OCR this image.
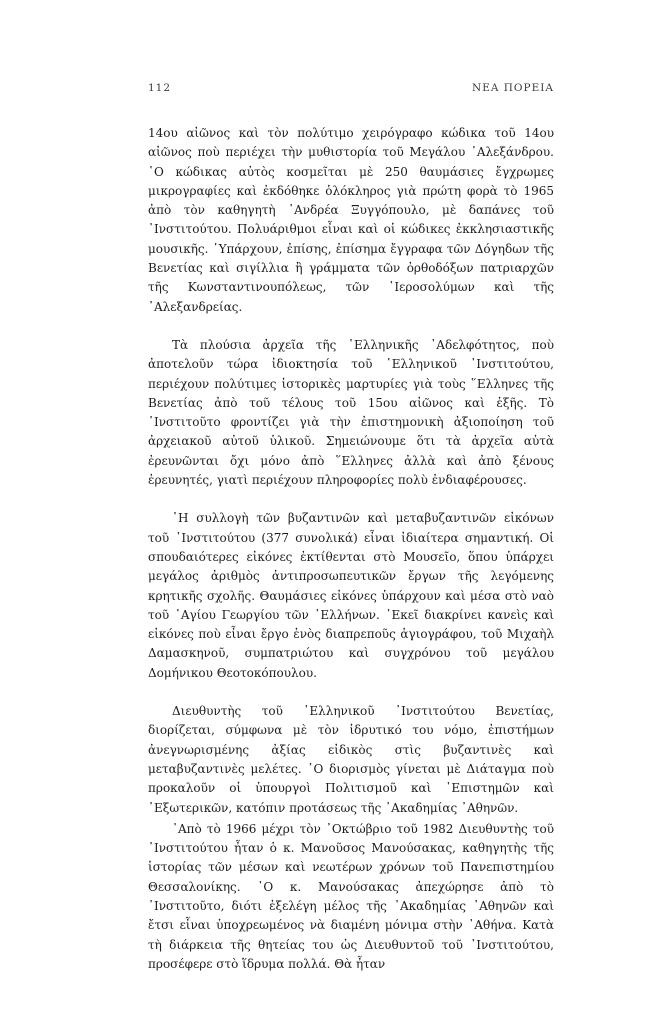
112	ΝΕΑ ΠΟΡΕΙΑ

14ου αἰῶνος καὶ τὸν πολύτιμο χειρόγραφο κώδικα τοῦ 14ου αἰῶνος ποὺ περιέχει τὴν μυθιστορία τοῦ Μεγάλου ᾿Αλεξάνδρου. ῾Ο κώδικας αὐτὸς κοσμεῖται μὲ 250 θαυμάσιες ἔγχρωμες μικρογραφίες καὶ ἐκδόθηκε ὁλόκληρος γιὰ πρώτη φορὰ τὸ 1965 ἀπὸ τὸν καθηγητὴ ᾿Ανδρέα Ξυγγόπουλο, μὲ δαπάνες τοῦ ᾿Ινστιτούτου. Πολυάριθμοι εἶναι καὶ οἱ κώδικες ἐκκλησιαστικῆς μουσικῆς. ῾Υπάρχουν, ἐπίσης, ἐπίσημα ἔγγραφα τῶν Δόγηδων τῆς Βενετίας καὶ σιγίλλια ἢ γράμματα τῶν ὀρθοδόξων πατριαρχῶν τῆς Κωνσταντινουπόλεως, τῶν ῾Ιεροσολύμων καὶ τῆς ᾿Αλεξανδρείας.

Τὰ πλούσια ἀρχεῖα τῆς ῾Ελληνικῆς ᾿Αδελφότητος, ποὺ ἀποτελοῦν τώρα ἰδιοκτησία τοῦ ῾Ελληνικοῦ ᾿Ινστιτούτου, περιέχουν πολύτιμες ἱστορικὲς μαρτυρίες γιὰ τοὺς ῞Ελληνες τῆς Βενετίας ἀπὸ τοῦ τέλους τοῦ 15ου αἰῶνος καὶ ἑξῆς. Τὸ ᾿Ινστιτοῦτο φροντίζει γιὰ τὴν ἐπιστημονικὴ ἀξιοποίηση τοῦ ἀρχειακοῦ αὐτοῦ ὑλικοῦ. Σημειώνουμε ὅτι τὰ ἀρχεῖα αὐτὰ ἐρευνῶνται ὄχι μόνο ἀπὸ ῞Ελληνες ἀλλὰ καὶ ἀπὸ ξένους ἐρευνητές, γιατὶ περιέχουν πληροφορίες πολὺ ἐνδιαφέρουσες.

῾Η συλλογὴ τῶν βυζαντινῶν καὶ μεταβυζαντινῶν εἰκόνων τοῦ ᾿Ινστιτούτου (377 συνολικά) εἶναι ἰδιαίτερα σημαντική. Οἱ σπουδαιότερες εἰκόνες ἐκτίθενται στὸ Μουσεῖο, ὅπου ὑπάρχει μεγάλος ἀριθμὸς ἀντιπροσωπευτικῶν ἔργων τῆς λεγόμενης κρητικῆς σχολῆς. Θαυμάσιες εἰκόνες ὑπάρχουν καὶ μέσα στὸ ναὸ τοῦ ῾Αγίου Γεωργίου τῶν ῾Ελλήνων. ᾿Εκεῖ διακρίνει κανεὶς καὶ εἰκόνες ποὺ εἶναι ἔργο ἑνὸς διαπρεποῦς ἁγιογράφου, τοῦ Μιχαὴλ Δαμασκηνοῦ, συμπατριώτου καὶ συγχρόνου τοῦ μεγάλου Δομήνικου Θεοτοκόπουλου.

Διευθυντὴς τοῦ ῾Ελληνικοῦ ᾿Ινστιτούτου Βενετίας, διορίζεται, σύμφωνα μὲ τὸν ἱδρυτικό του νόμο, ἐπιστήμων ἀνεγνωρισμένης ἀξίας εἰδικὸς στὶς βυζαντινὲς καὶ μεταβυζαντινὲς μελέτες. ῾Ο διορισμὸς γίνεται μὲ Διάταγμα ποὺ προκαλοῦν οἱ ὑπουργοὶ Πολιτισμοῦ καὶ ᾿Επιστημῶν καὶ ᾿Εξωτερικῶν, κατόπιν προτάσεως τῆς ᾿Ακαδημίας ᾿Αθηνῶν.

᾿Απὸ τὸ 1966 μέχρι τὸν ᾿Οκτώβριο τοῦ 1982 Διευθυντὴς τοῦ ᾿Ινστιτούτου ἦταν ὁ κ. Μανοῦσος Μανούσακας, καθηγητὴς τῆς ἱστορίας τῶν μέσων καὶ νεωτέρων χρόνων τοῦ Πανεπιστημίου Θεσσαλονίκης. ῾Ο κ. Μανούσακας ἀπεχώρησε ἀπὸ τὸ ᾿Ινστιτοῦτο, διότι ἐξελέγη μέλος τῆς ᾿Ακαδημίας ᾿Αθηνῶν καὶ ἔτσι εἶναι ὑποχρεωμένος νὰ διαμένη μόνιμα στὴν ᾿Αθήνα. Κατὰ τὴ διάρκεια τῆς θητείας του ὡς Διευθυντοῦ τοῦ ᾿Ινστιτούτου, προσέφερε στὸ ἵδρυμα πολλά. Θὰ ἦταν
